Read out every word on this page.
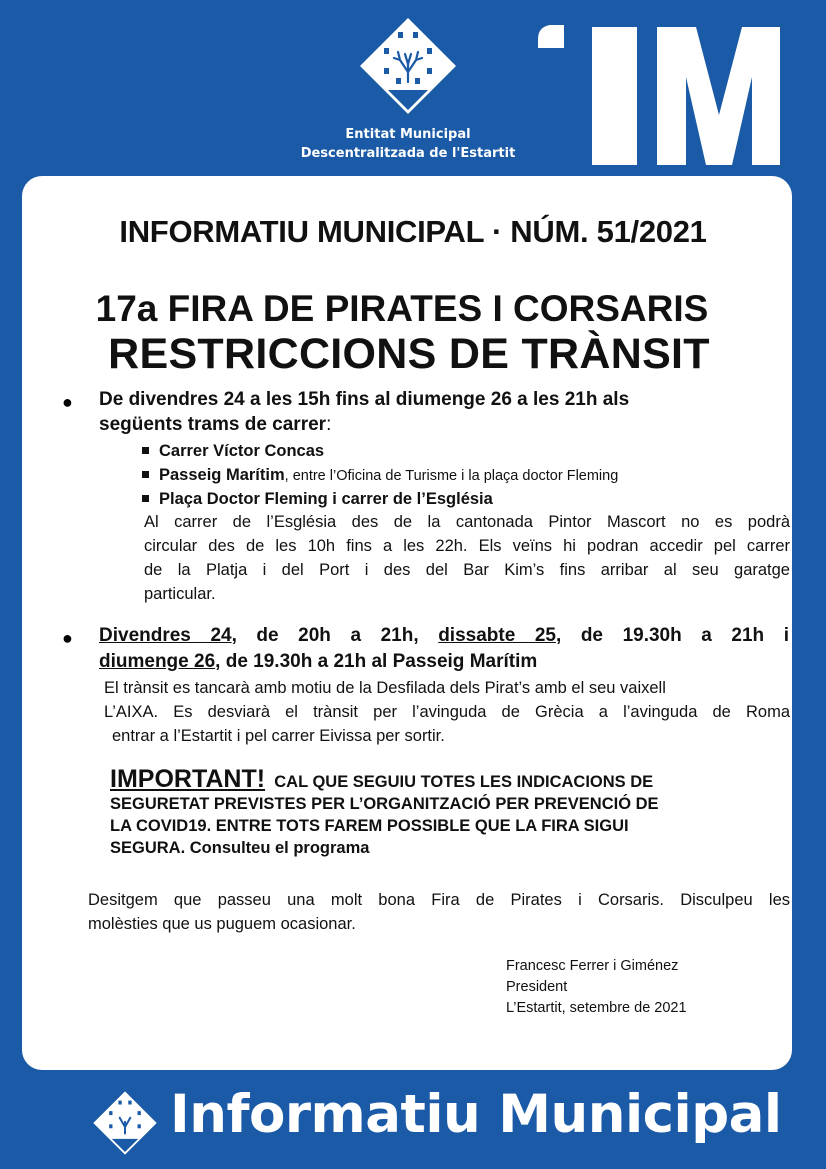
Entitat Municipal
Descentralitzada de l'Estartit
INFORMATIU MUNICIPAL · NÚM. 51/2021
17a FIRA DE PIRATES I CORSARIS
RESTRICCIONS DE TRÀNSIT
● De divendres 24 a les 15h fins al diumenge 26 a les 21h als
següents trams de carrer:
Carrer Víctor Concas
Passeig Marítim, entre l’Oficina de Turisme i la plaça doctor Fleming
Plaça Doctor Fleming i carrer de l’Església
Al carrer de l’Església des de la cantonada Pintor Mascort no es podrà
circular des de les 10h fins a les 22h. Els veïns hi podran accedir pel carrer
de la Platja i del Port i des del Bar Kim’s fins arribar al seu garatge
particular.
● Divendres 24, de 20h a 21h, dissabte 25, de 19.30h a 21h i
diumenge 26, de 19.30h a 21h al Passeig Marítim
El trànsit es tancarà amb motiu de la Desfilada dels Pirat’s amb el seu vaixell
L’AIXA. Es desviarà el trànsit per l’avinguda de Grècia a l’avinguda de Roma
entrar a l’Estartit i pel carrer Eivissa per sortir.
IMPORTANT! CAL QUE SEGUIU TOTES LES INDICACIONS DE
SEGURETAT PREVISTES PER L’ORGANITZACIÓ PER PREVENCIÓ DE
LA COVID19. ENTRE TOTS FAREM POSSIBLE QUE LA FIRA SIGUI
SEGURA. Consulteu el programa
Desitgem que passeu una molt bona Fira de Pirates i Corsaris. Disculpeu les
molèsties que us puguem ocasionar.
Francesc Ferrer i Giménez
President
L’Estartit, setembre de 2021
Informatiu Municipal
